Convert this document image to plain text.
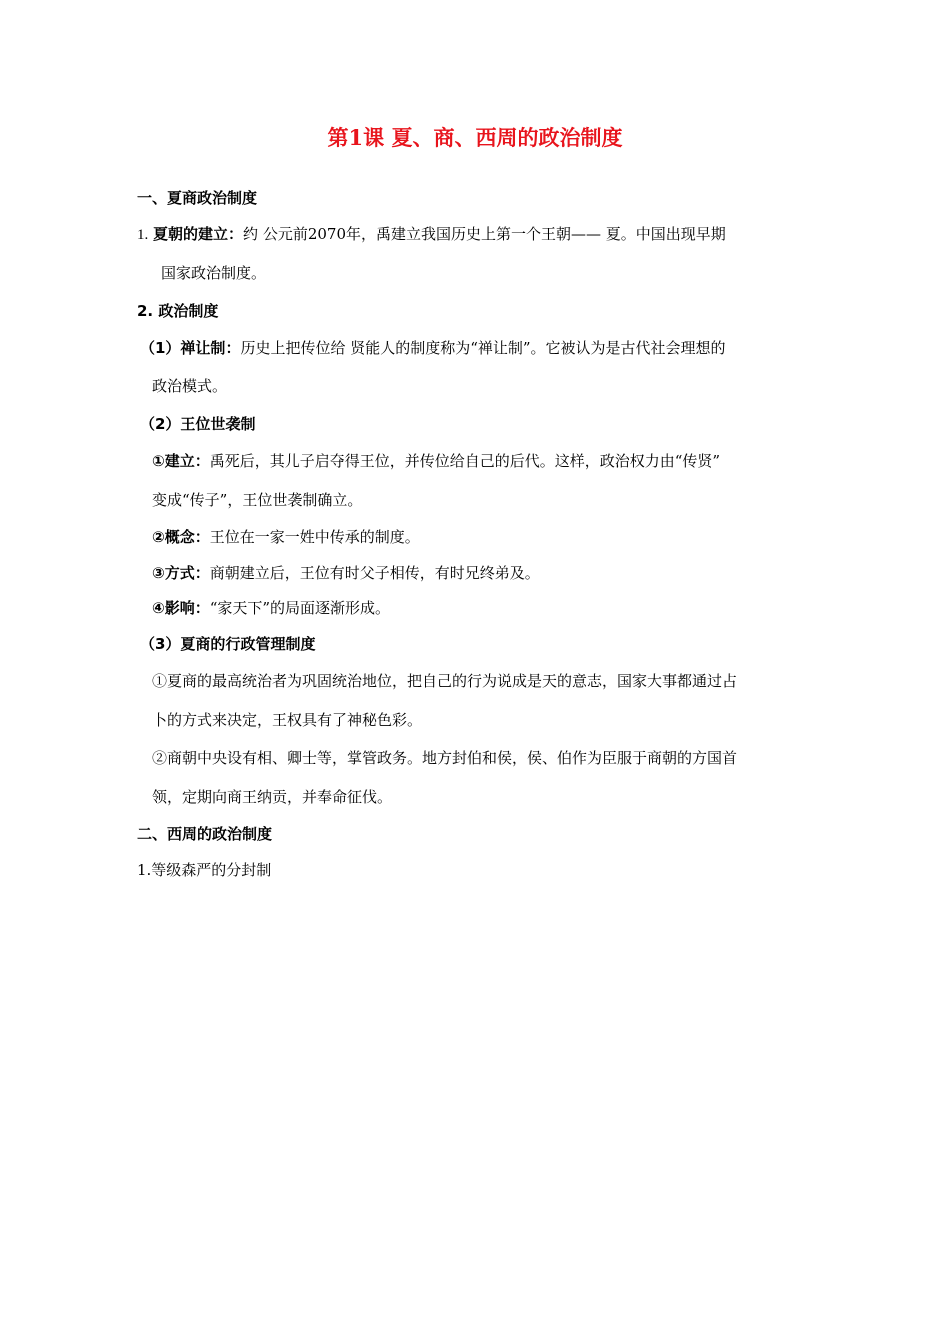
第1课 夏、商、西周的政治制度
一、夏商政治制度
1. 夏朝的建立：约 公元前2070年，禹建立我国历史上第一个王朝—— 夏。中国出现早期
国家政治制度。
2. 政治制度
（1）禅让制：历史上把传位给 贤能人的制度称为“禅让制”。它被认为是古代社会理想的
政治模式。
（2）王位世袭制
①建立：禹死后，其儿子启夺得王位，并传位给自己的后代。这样，政治权力由“传贤”
变成“传子”，王位世袭制确立。
②概念：王位在一家一姓中传承的制度。
③方式：商朝建立后，王位有时父子相传，有时兄终弟及。
④影响：“家天下”的局面逐渐形成。
（3）夏商的行政管理制度
①夏商的最高统治者为巩固统治地位，把自己的行为说成是天的意志，国家大事都通过占
卜的方式来决定，王权具有了神秘色彩。
②商朝中央设有相、卿士等，掌管政务。地方封伯和侯，侯、伯作为臣服于商朝的方国首
领，定期向商王纳贡，并奉命征伐。
二、西周的政治制度
1.等级森严的分封制
